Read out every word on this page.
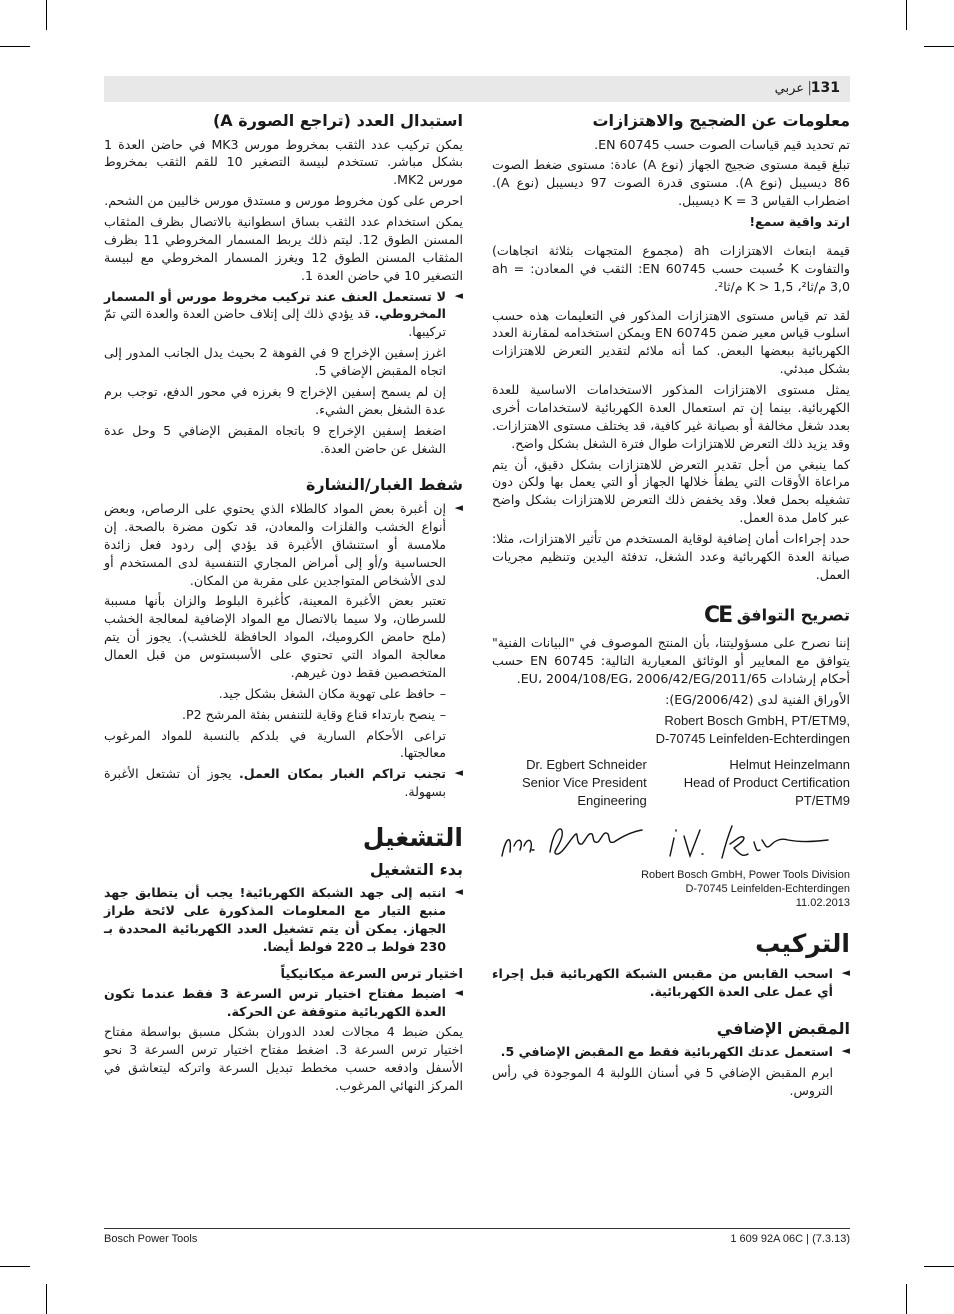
131
|
عربي
معلومات عن الضجيج والاهتزازات

تم تحديد قيم قياسات الصوت حسب EN 60745.

تبلغ قيمة مستوى ضجيج الجهاز (نوع A) عادة: مستوى ضغط الصوت 86 ديسيبل (نوع A). مستوى قدرة الصوت 97 ديسيبل (نوع A). اضطراب القياس K = 3 ديسيبل.

ارتد واقية سمع!

قيمة ابتعاث الاهتزازات ah (مجموع المتجهات بثلاثة اتجاهات) والتفاوت K حُسبت حسب EN 60745: الثقب في المعادن: ah = 3,0 م/ثا²، K > 1,5 م/ثا².

لقد تم قياس مستوى الاهتزازات المذكور في التعليمات هذه حسب اسلوب قياس معير ضمن EN 60745 ويمكن استخدامه لمقارنة العدد الكهربائية ببعضها البعض. كما أنه ملائم لتقدير التعرض للاهتزازات بشكل مبدئي.

يمثل مستوى الاهتزازات المذكور الاستخدامات الاساسية للعدة الكهربائية. بينما إن تم استعمال العدة الكهربائية لاستخدامات أخرى بعدد شغل مخالفة أو بصيانة غير كافية، قد يختلف مستوى الاهتزازات. وقد يزيد ذلك التعرض للاهتزازات طوال فترة الشغل بشكل واضح.

كما ينبغي من أجل تقدير التعرض للاهتزازات بشكل دقيق، أن يتم مراعاة الأوقات التي يطفأ خلالها الجهاز أو التي يعمل بها ولكن دون تشغيله بحمل فعلا. وقد يخفض ذلك التعرض للاهتزازات بشكل واضح عبر كامل مدة العمل.

حدد إجراءات أمان إضافية لوقاية المستخدم من تأثير الاهتزازات، مثلا: صيانة العدة الكهربائية وعدد الشغل، تدفئة اليدين وتنظيم مجريات العمل.

تصريح التوافق CE

إننا نصرح على مسؤوليتنا، بأن المنتج الموصوف في "البيانات الفنية" يتوافق مع المعايير أو الوثائق المعيارية التالية: EN 60745 حسب أحكام إرشادات 2011/65/EU، 2004/108/EG، 2006/42/EG.

الأوراق الفنية لدى (2006/42/EG):

Robert Bosch GmbH, PT/ETM9,
D-70745 Leinfelden-Echterdingen
Dr. Egbert Schneider
Senior Vice President
Engineering
Helmut Heinzelmann
Head of Product Certification
PT/ETM9
Robert Bosch GmbH, Power Tools Division
D-70745 Leinfelden-Echterdingen
11.02.2013
التركيب

◄
اسحب القابس من مقبس الشبكة الكهربائية قبل إجراء أي عمل على العدة الكهربائية.

المقبض الإضافي

◄
استعمل عدتك الكهربائية فقط مع المقبض الإضافي 5.

ابرم المقبض الإضافي 5 في أسنان اللولبة 4 الموجودة في رأس التروس.

استبدال العدد (تراجع الصورة A)

يمكن تركيب عدد الثقب بمخروط مورس MK3 في حاضن العدة 1 بشكل مباشر. تستخدم لبيسة التصغير 10 للقم الثقب بمخروط مورس MK2.

احرص على كون مخروط مورس و مستدق مورس خاليين من الشحم.

يمكن استخدام عدد الثقب بساق اسطوانية بالاتصال بظرف المثقاب المسنن الطوق 12. ليتم ذلك يربط المسمار المخروطي 11 بظرف المثقاب المسنن الطوق 12 ويغرز المسمار المخروطي مع لبيسة التصغير 10 في حاضن العدة 1.

◄
لا تستعمل العنف عند تركيب مخروط مورس أو المسمار المخروطي. قد يؤدي ذلك إلى إتلاف حاضن العدة والعدة التي تمّ تركيبها.

اغرز إسفين الإخراج 9 في الفوهة 2 بحيث يدل الجانب المدور إلى اتجاه المقبض الإضافي 5.

إن لم يسمح إسفين الإخراج 9 بغرزه في محور الدفع، توجب برم عدة الشغل بعض الشيء.

اضغط إسفين الإخراج 9 باتجاه المقبض الإضافي 5 وحل عدة الشغل عن حاضن العدة.

شفط الغبار/النشارة

◄
إن أغبرة بعض المواد كالطلاء الذي يحتوي على الرصاص، وبعض أنواع الخشب والفلزات والمعادن، قد تكون مضرة بالصحة. إن ملامسة أو استنشاق الأغبرة قد يؤدي إلى ردود فعل زائدة الحساسية و/أو إلى أمراض المجاري التنفسية لدى المستخدم أو لدى الأشخاص المتواجدين على مقربة من المكان.

تعتبر بعض الأغبرة المعينة، كأغبرة البلوط والزان بأنها مسببة للسرطان، ولا سيما بالاتصال مع المواد الإضافية لمعالجة الخشب (ملح حامض الكروميك، المواد الحافظة للخشب). يجوز أن يتم معالجة المواد التي تحتوي على الأسبستوس من قبل العمال المتخصصين فقط دون غيرهم.

–
حافظ على تهوية مكان الشغل بشكل جيد.

–
ينصح بارتداء قناع وقاية للتنفس بفئة المرشح P2.

تراعى الأحكام السارية في بلدكم بالنسبة للمواد المرغوب معالجتها.

◄
تجنب تراكم الغبار بمكان العمل. يجوز أن تشتعل الأغبرة بسهولة.

التشغيل
بدء التشغيل

◄
انتبه إلى جهد الشبكة الكهربائية! يجب أن يتطابق جهد منبع التيار مع المعلومات المذكورة على لائحة طراز الجهاز. يمكن أن يتم تشغيل العدد الكهربائية المحددة بـ 230 فولط بـ 220 فولط أيضا.

اختيار ترس السرعة ميكانيكياً

◄
اضبط مفتاح اختيار ترس السرعة 3 فقط عندما تكون العدة الكهربائية متوقفة عن الحركة.

يمكن ضبط 4 مجالات لعدد الدوران بشكل مسبق بواسطة مفتاح اختيار ترس السرعة 3. اضغط مفتاح اختيار ترس السرعة 3 نحو الأسفل وادفعه حسب مخطط تبديل السرعة واتركه ليتعاشق في المركز النهائي المرغوب.

Bosch Power Tools	1 609 92A 06C | (7.3.13)
